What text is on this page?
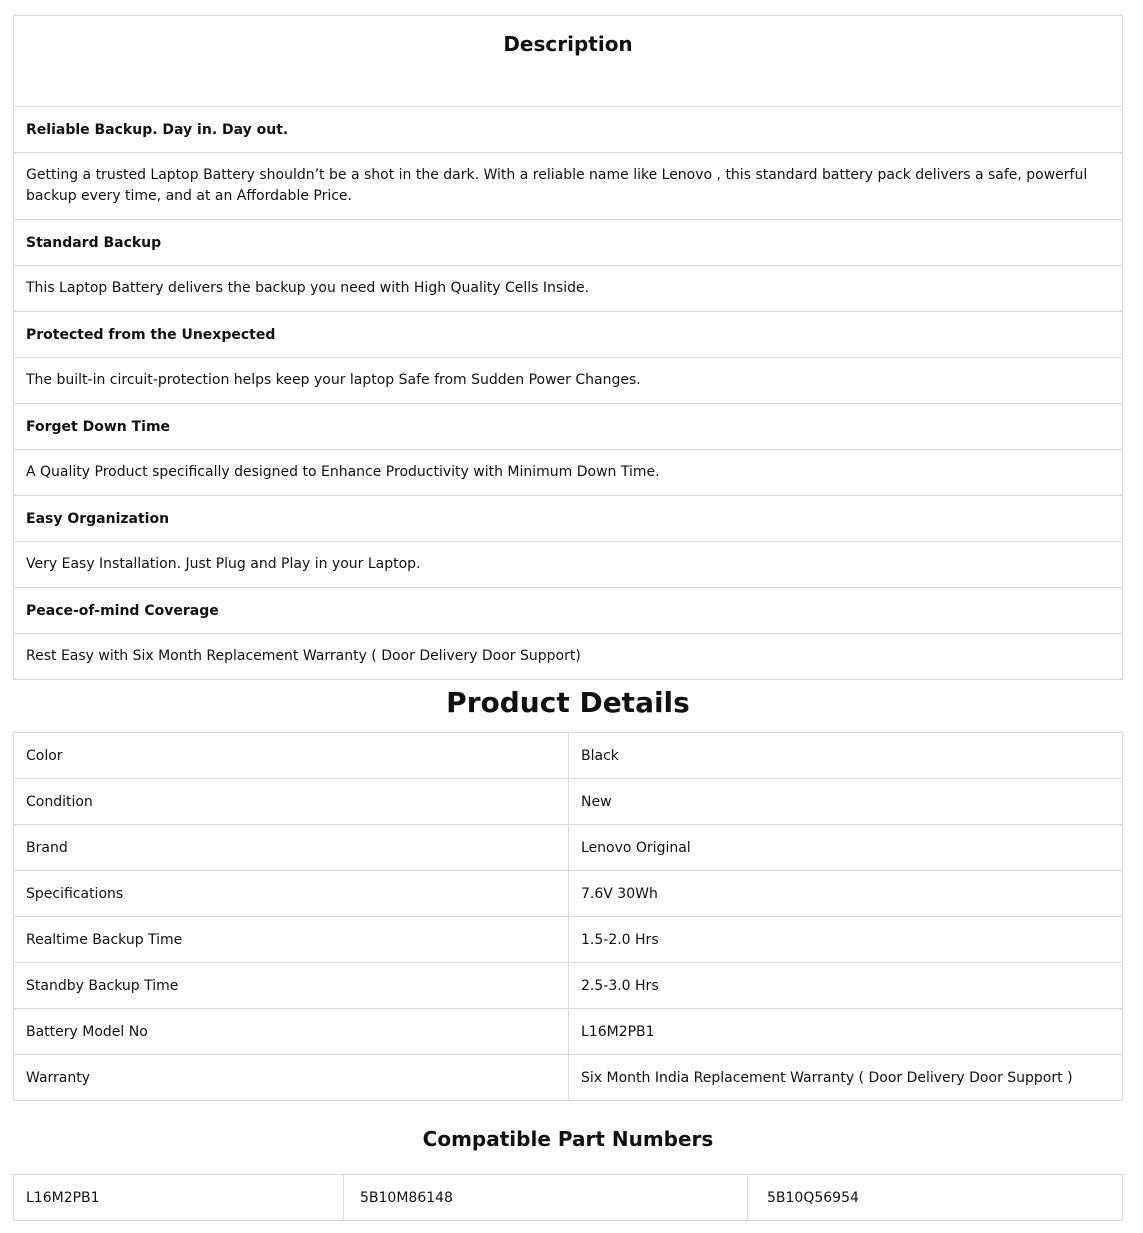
Description
Reliable Backup. Day in. Day out.
Getting a trusted Laptop Battery shouldn’t be a shot in the dark. With a reliable name like Lenovo , this standard battery pack delivers a safe, powerful backup every time, and at an Affordable Price.
Standard Backup
This Laptop Battery delivers the backup you need with High Quality Cells Inside.
Protected from the Unexpected
The built-in circuit-protection helps keep your laptop Safe from Sudden Power Changes.
Forget Down Time
A Quality Product specifically designed to Enhance Productivity with Minimum Down Time.
Easy Organization
Very Easy Installation. Just Plug and Play in your Laptop.
Peace-of-mind Coverage
Rest Easy with Six Month Replacement Warranty ( Door Delivery Door Support)
Product Details
Color	Black
Condition	New
Brand	Lenovo Original
Specifications	7.6V 30Wh
Realtime Backup Time	1.5-2.0 Hrs
Standby Backup Time	2.5-3.0 Hrs
Battery Model No	L16M2PB1
Warranty	Six Month India Replacement Warranty ( Door Delivery Door Support )
Compatible Part Numbers
L16M2PB1	5B10M86148	5B10Q56954
